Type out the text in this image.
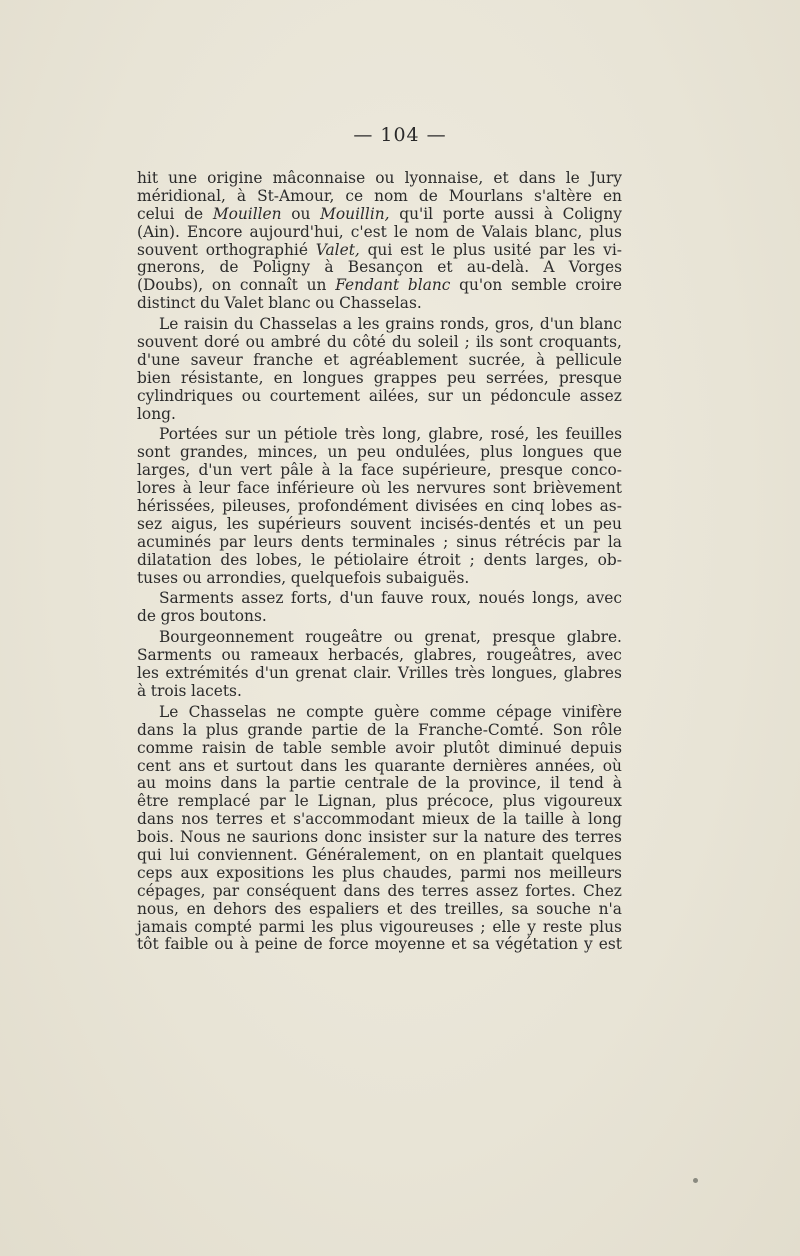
— 104 —
hit une origine mâconnaise ou lyonnaise, et dans le Jury
méridional, à St-Amour, ce nom de Mourlans s'altère en
celui de Mouillen ou Mouillin, qu'il porte aussi à Coligny
(Ain). Encore aujourd'hui, c'est le nom de Valais blanc, plus
souvent orthographié Valet, qui est le plus usité par les vi-
gnerons, de Poligny à Besançon et au-delà. A Vorges
(Doubs), on connaît un Fendant blanc qu'on semble croire
distinct du Valet blanc ou Chasselas.
Le raisin du Chasselas a les grains ronds, gros, d'un blanc
souvent doré ou ambré du côté du soleil ; ils sont croquants,
d'une saveur franche et agréablement sucrée, à pellicule
bien résistante, en longues grappes peu serrées, presque
cylindriques ou courtement ailées, sur un pédoncule assez
long.
Portées sur un pétiole très long, glabre, rosé, les feuilles
sont grandes, minces, un peu ondulées, plus longues que
larges, d'un vert pâle à la face supérieure, presque conco-
lores à leur face inférieure où les nervures sont brièvement
hérissées, pileuses, profondément divisées en cinq lobes as-
sez aigus, les supérieurs souvent incisés-dentés et un peu
acuminés par leurs dents terminales ; sinus rétrécis par la
dilatation des lobes, le pétiolaire étroit ; dents larges, ob-
tuses ou arrondies, quelquefois subaiguës.
Sarments assez forts, d'un fauve roux, noués longs, avec
de gros boutons.
Bourgeonnement rougeâtre ou grenat, presque glabre.
Sarments ou rameaux herbacés, glabres, rougeâtres, avec
les extrémités d'un grenat clair. Vrilles très longues, glabres
à trois lacets.
Le Chasselas ne compte guère comme cépage vinifère
dans la plus grande partie de la Franche-Comté. Son rôle
comme raisin de table semble avoir plutôt diminué depuis
cent ans et surtout dans les quarante dernières années, où
au moins dans la partie centrale de la province, il tend à
être remplacé par le Lignan, plus précoce, plus vigoureux
dans nos terres et s'accommodant mieux de la taille à long
bois. Nous ne saurions donc insister sur la nature des terres
qui lui conviennent. Généralement, on en plantait quelques
ceps aux expositions les plus chaudes, parmi nos meilleurs
cépages, par conséquent dans des terres assez fortes. Chez
nous, en dehors des espaliers et des treilles, sa souche n'a
jamais compté parmi les plus vigoureuses ; elle y reste plus
tôt faible ou à peine de force moyenne et sa végétation y est
